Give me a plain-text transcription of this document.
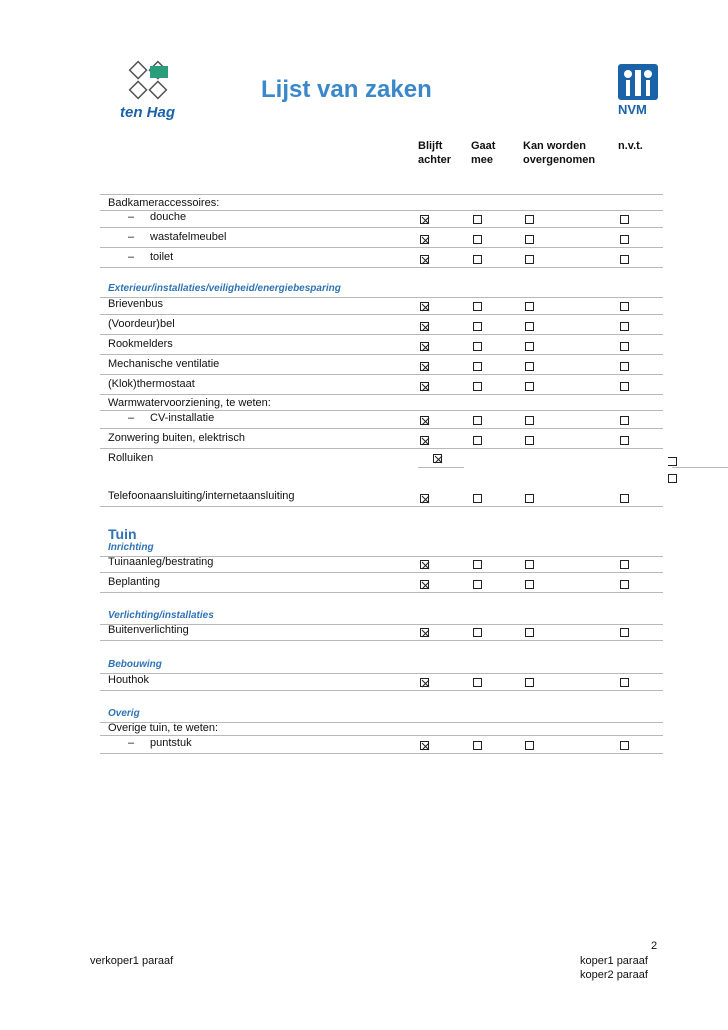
ten Hag
Lijst van zaken
NVM
Blijft
achter
Gaat
mee
Kan worden
overgenomen
n.v.t.
Badkameraccessoires:
– douche
– wastafelmeubel
– toilet
Exterieur/installaties/veiligheid/energiebesparing
Brievenbus
(Voordeur)bel
Rookmelders
Mechanische ventilatie
(Klok)thermostaat
Warmwatervoorziening, te weten:
– CV-installatie
Zonwering buiten, elektrisch
Rolluiken
Telefoonaansluiting/internetaansluiting
Tuin
Inrichting
Tuinaanleg/bestrating
Beplanting
Verlichting/installaties
Buitenverlichting
Bebouwing
Houthok
Overig
Overige tuin, te weten:
– puntstuk
verkoper1 paraaf
2
koper1 paraaf
koper2 paraaf
